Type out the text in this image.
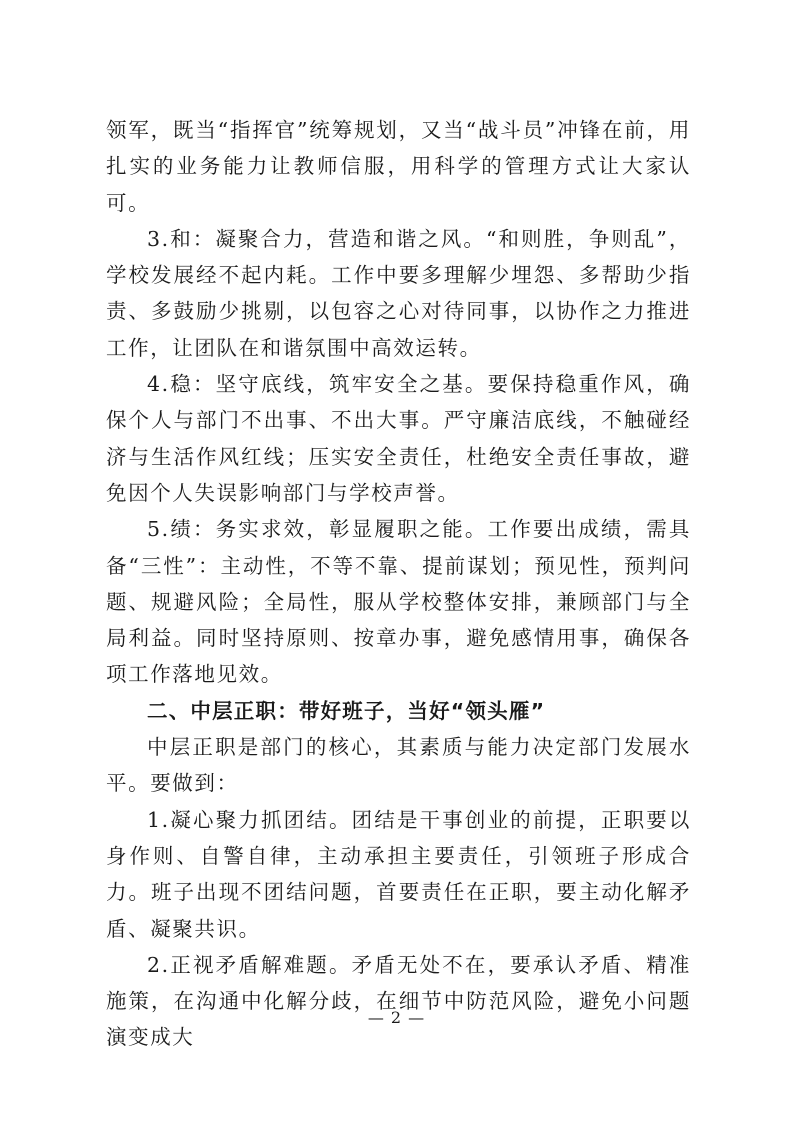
领军，既当“指挥官”统筹规划，又当“战斗员”冲锋在前，用扎实的业务能力让教师信服，用科学的管理方式让大家认可。

3.和：凝聚合力，营造和谐之风。“和则胜，争则乱”，学校发展经不起内耗。工作中要多理解少埋怨、多帮助少指责、多鼓励少挑剔，以包容之心对待同事，以协作之力推进工作，让团队在和谐氛围中高效运转。

4.稳：坚守底线，筑牢安全之基。要保持稳重作风，确保个人与部门不出事、不出大事。严守廉洁底线，不触碰经济与生活作风红线；压实安全责任，杜绝安全责任事故，避免因个人失误影响部门与学校声誉。

5.绩：务实求效，彰显履职之能。工作要出成绩，需具备“三性”：主动性，不等不靠、提前谋划；预见性，预判问题、规避风险；全局性，服从学校整体安排，兼顾部门与全局利益。同时坚持原则、按章办事，避免感情用事，确保各项工作落地见效。

二、中层正职：带好班子，当好“领头雁”

中层正职是部门的核心，其素质与能力决定部门发展水平。要做到：

1.凝心聚力抓团结。团结是干事创业的前提，正职要以身作则、自警自律，主动承担主要责任，引领班子形成合力。班子出现不团结问题，首要责任在正职，要主动化解矛盾、凝聚共识。

2.正视矛盾解难题。矛盾无处不在，要承认矛盾、精准施策，在沟通中化解分歧，在细节中防范风险，避免小问题演变成大

— 2 —
